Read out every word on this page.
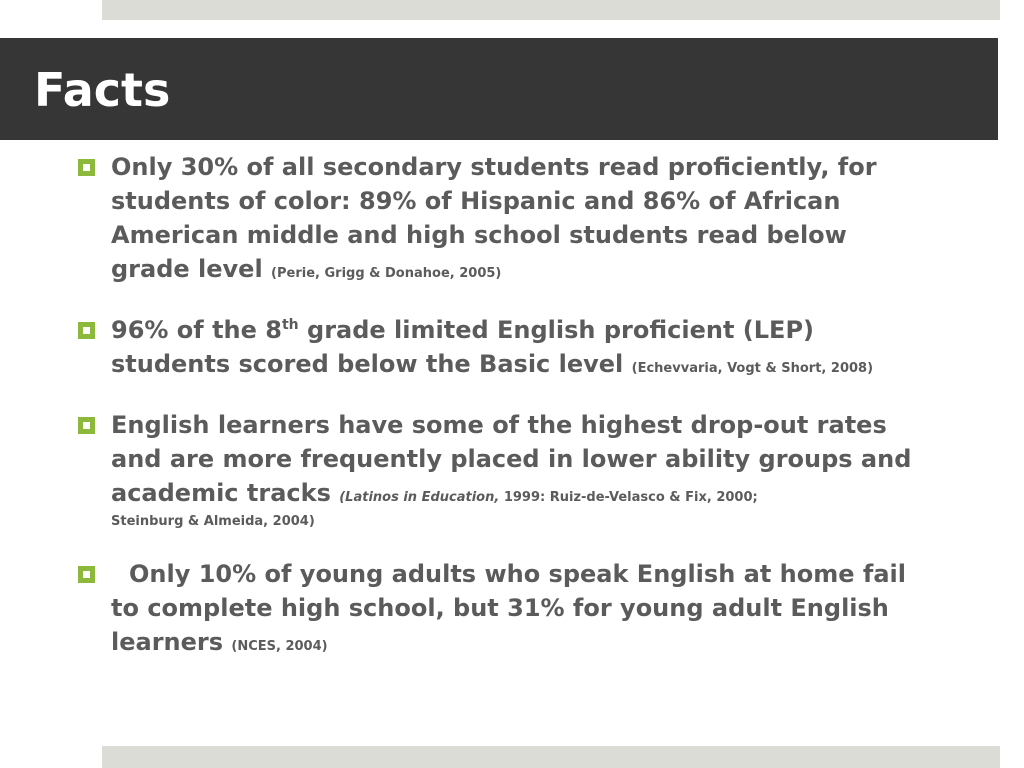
Facts
Only 30% of all secondary students read proficiently, for students of color: 89% of Hispanic and 86% of African American middle and high school students read below grade level (Perie, Grigg & Donahoe, 2005)
96% of the 8th grade limited English proficient (LEP) students scored below the Basic level (Echevvaria, Vogt & Short, 2008)
English learners have some of the highest drop-out rates and are more frequently placed in lower ability groups and academic tracks (Latinos in Education, 1999: Ruiz-de-Velasco & Fix, 2000;
Steinburg & Almeida, 2004)
Only 10% of young adults who speak English at home fail to complete high school, but 31% for young adult English learners (NCES, 2004)
